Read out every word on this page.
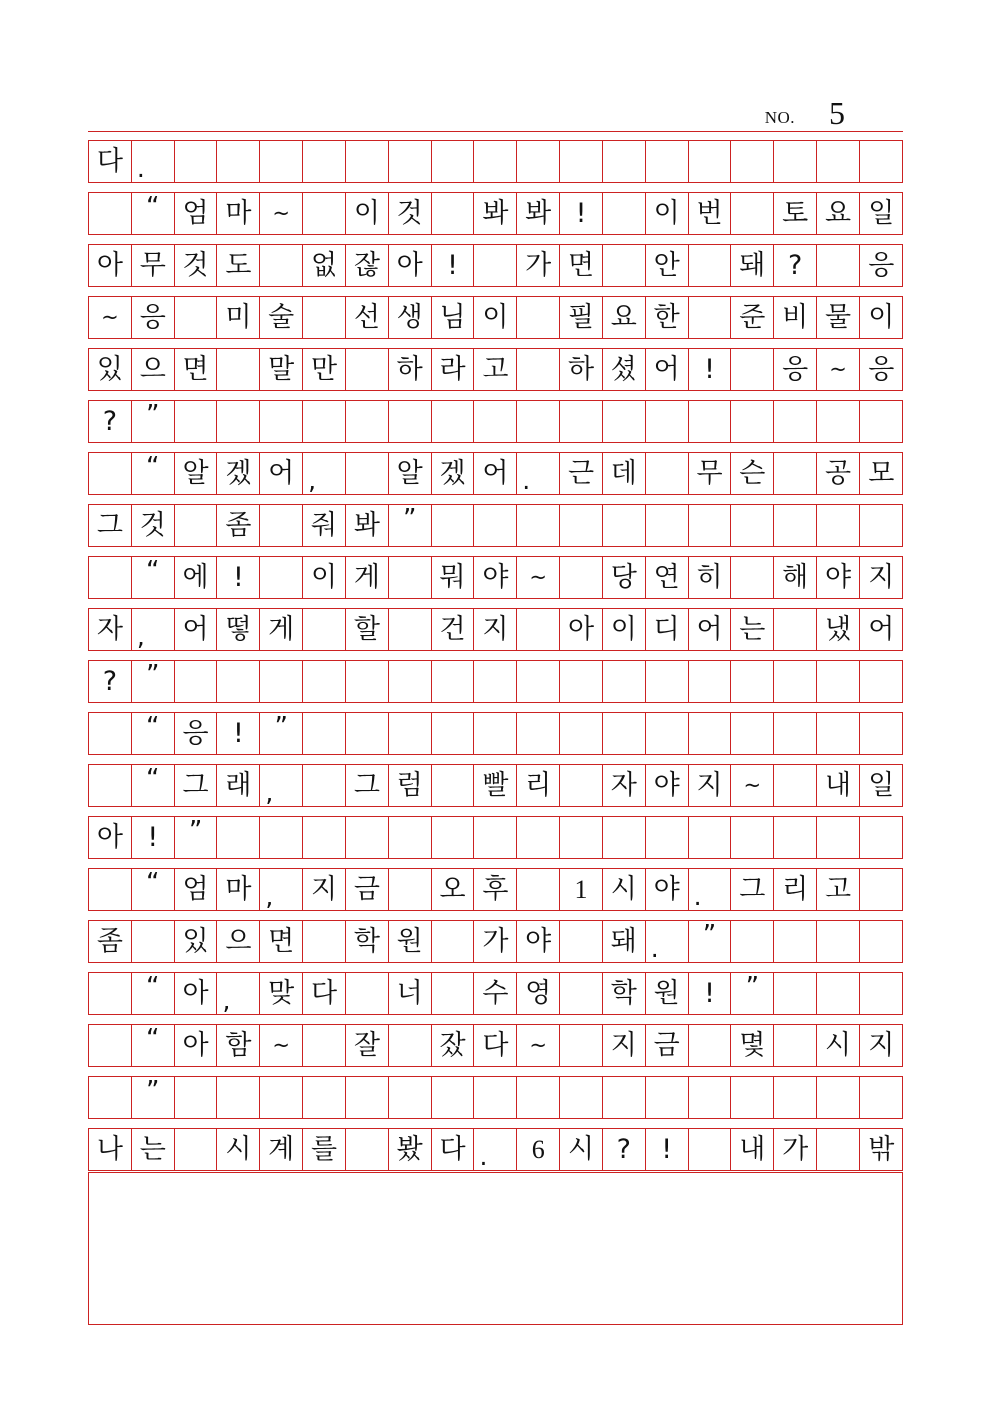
NO. 5
다 .
“ 엄 마 ~	이 것	봐 봐 !	이 번	토 요 일
아 무 것 도	없 잖 아 !	가 면	안	돼 ?	응
~ 응	미 술	선 생 님 이	필 요 한	준 비 물 이
있 으 면	말 만	하 라 고	하 셨 어 !	응 ~ 응
?	”
“ 알 겠 어 ,	알 겠 어 .	근 데	무 슨	공 모
그 것	좀	줘 봐 ”
“ 에 !	이 게	뭐 야 ~	당 연 히	해 야 지
자 ,	어 떻 게	할	건 지	아 이 디 어 는	냈 어
?	”
“ 응 !	”
“ 그 래 ,	그 럼	빨 리	자 야 지 ~	내 일
아 !	”
“ 엄 마 ,	지 금	오 후	1 시 야 .	그 리 고
좀	있 으 면	학 원	가 야	돼 .	”
“ 아 ,	맞 다	너	수 영	학 원 !	”
“ 아 함 ~	잘	잤 다 ~	지 금	몇	시 지
”
나 는	시 계 를	봤 다 .	6 시 ?	!	내 가	밖
